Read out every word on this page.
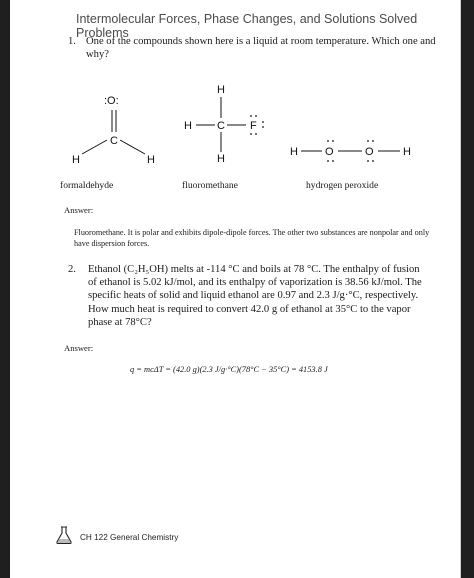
Intermolecular Forces, Phase Changes, and Solutions Solved Problems
1. One of the compounds shown here is a liquid at room temperature. Which one and why?
:O:
C
H	H
H
C
H	F
H
H O	O	H
formaldehyde	fluoromethane	hydrogen peroxide
Answer:
Fluoromethane. It is polar and exhibits dipole-dipole forces. The other two substances are nonpolar and only have dispersion forces.
2. Ethanol (C₂H₅OH) melts at -114 °C and boils at 78 °C. The enthalpy of fusion of ethanol is 5.02 kJ/mol, and its enthalpy of vaporization is 38.56 kJ/mol. The specific heats of solid and liquid ethanol are 0.97 and 2.3 J/g·°C, respectively. How much heat is required to convert 42.0 g of ethanol at 35°C to the vapor phase at 78°C?
Answer:
q = mcΔT = (42.0 g)(2.3 J/g·°C)(78°C − 35°C) = 4153.8 J
CH 122 General Chemistry
